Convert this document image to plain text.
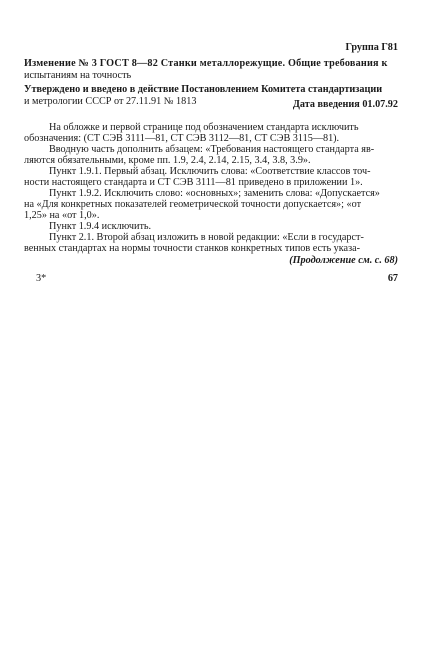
Группа Г81
Изменение № 3 ГОСТ 8—82 Станки металлорежущие. Общие требования к
испытаниям на точность
Утверждено и введено в действие Постановлением Комитета стандартизации
и метрологии СССР от 27.11.91 № 1813	Дата введения 01.07.92
На обложке и первой странице под обозначением стандарта исключить
обозначения: (СТ СЭВ 3111—81, СТ СЭВ 3112—81, СТ СЭВ 3115—81).
Вводную часть дополнить абзацем: «Требования настоящего стандарта яв-
ляются обязательными, кроме пп. 1.9, 2.4, 2.14, 2.15, 3.4, 3.8, 3.9».
Пункт 1.9.1. Первый абзац. Исключить слова: «Соответствие классов точ-
ности настоящего стандарта и СТ СЭВ 3111—81 приведено в приложении 1».
Пункт 1.9.2. Исключить слово: «основных»; заменить слова: «Допускается»
на «Для конкретных показателей геометрической точности допускается»; «от
1,25» на «от 1,0».
Пункт 1.9.4 исключить.
Пункт 2.1. Второй абзац изложить в новой редакции: «Если в государст-
венных стандартах на нормы точности станков конкретных типов есть указа-
(Продолжение см. с. 68)
3*	67
